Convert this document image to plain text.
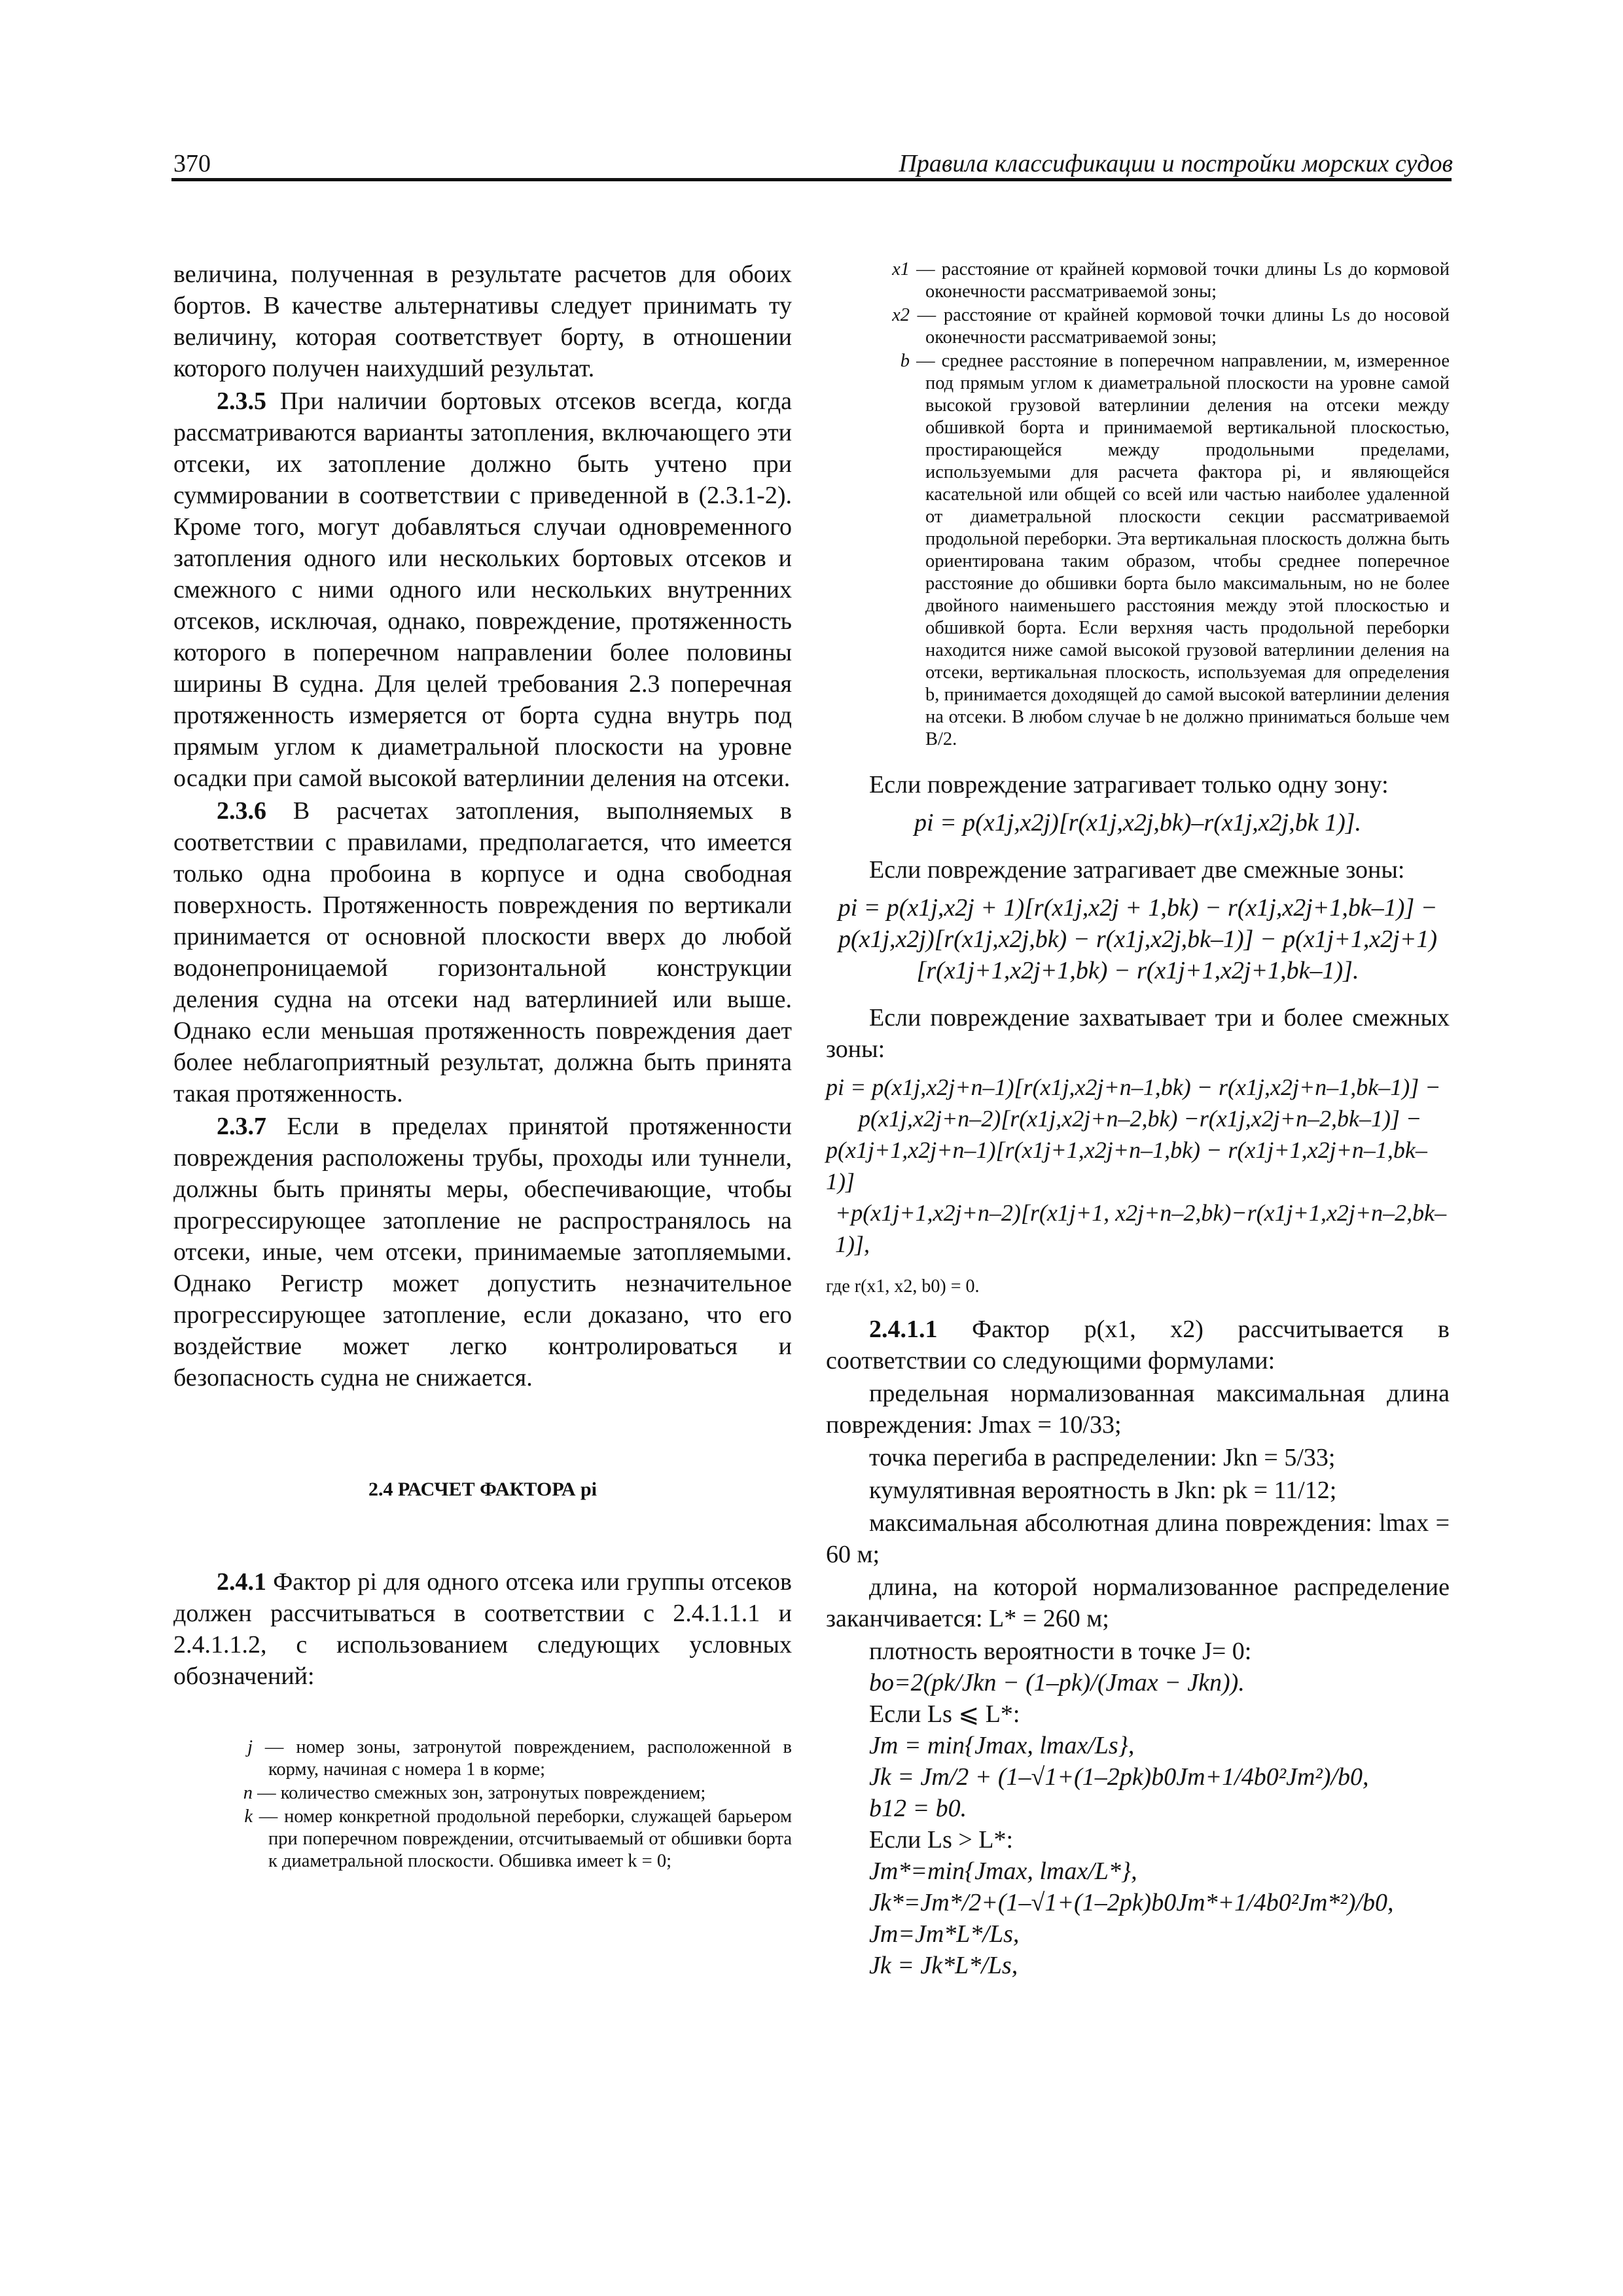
370	Правила классификации и постройки морских судов

величина, полученная в результате расчетов для обоих бортов. В качестве альтернативы следует принимать ту величину, которая соответствует борту, в отношении которого получен наихудший результат.

2.3.5 При наличии бортовых отсеков всегда, когда рассматриваются варианты затопления, включающего эти отсеки, их затопление должно быть учтено при суммировании в соответствии с приведенной в (2.3.1-2). Кроме того, могут добавляться случаи одновременного затопления одного или нескольких бортовых отсеков и смежного с ними одного или нескольких внутренних отсеков, исключая, однако, повреждение, протяженность которого в поперечном направлении более половины ширины B судна. Для целей требования 2.3 поперечная протяженность измеряется от борта судна внутрь под прямым углом к диаметральной плоскости на уровне осадки при самой высокой ватерлинии деления на отсеки.

2.3.6 В расчетах затопления, выполняемых в соответствии с правилами, предполагается, что имеется только одна пробоина в корпусе и одна свободная поверхность. Протяженность повреждения по вертикали принимается от основной плоскости вверх до любой водонепроницаемой горизонтальной конструкции деления судна на отсеки над ватерлинией или выше. Однако если меньшая протяженность повреждения дает более неблагоприятный результат, должна быть принята такая протяженность.

2.3.7 Если в пределах принятой протяженности повреждения расположены трубы, проходы или туннели, должны быть приняты меры, обеспечивающие, чтобы прогрессирующее затопление не распространялось на отсеки, иные, чем отсеки, принимаемые затопляемыми. Однако Регистр может допустить незначительное прогрессирующее затопление, если доказано, что его воздействие может легко контролироваться и безопасность судна не снижается.

2.4 РАСЧЕТ ФАКТОРА pi

2.4.1 Фактор pi для одного отсека или группы отсеков должен рассчитываться в соответствии с 2.4.1.1.1 и 2.4.1.1.2, с использованием следующих условных обозначений:

j — номер зоны, затронутой повреждением, расположенной в корму, начиная с номера 1 в корме;
n — количество смежных зон, затронутых повреждением;
k — номер конкретной продольной переборки, служащей барьером при поперечном повреждении, отсчитываемый от обшивки борта к диаметральной плоскости. Обшивка имеет k = 0;
x1 — расстояние от крайней кормовой точки длины Ls до кормовой оконечности рассматриваемой зоны;
x2 — расстояние от крайней кормовой точки длины Ls до носовой оконечности рассматриваемой зоны;
b — среднее расстояние в поперечном направлении, м, измеренное под прямым углом к диаметральной плоскости на уровне самой высокой грузовой ватерлинии деления на отсеки между обшивкой борта и принимаемой вертикальной плоскостью, простирающейся между продольными пределами, используемыми для расчета фактора pi, и являющейся касательной или общей со всей или частью наиболее удаленной от диаметральной плоскости секции рассматриваемой продольной переборки. Эта вертикальная плоскость должна быть ориентирована таким образом, чтобы среднее поперечное расстояние до обшивки борта было максимальным, но не более двойного наименьшего расстояния между этой плоскостью и обшивкой борта. Если верхняя часть продольной переборки находится ниже самой высокой грузовой ватерлинии деления на отсеки, вертикальная плоскость, используемая для определения b, принимается доходящей до самой высокой ватерлинии деления на отсеки. В любом случае b не должно приниматься больше чем B/2.

Если повреждение затрагивает только одну зону:

pi = p(x1j,x2j)[r(x1j,x2j,bk)–r(x1j,x2j,bk 1)].

Если повреждение затрагивает две смежные зоны:

pi = p(x1j,x2j + 1)[r(x1j,x2j + 1,bk) − r(x1j,x2j+1,bk–1)] −
p(x1j,x2j)[r(x1j,x2j,bk) − r(x1j,x2j,bk–1)] − p(x1j+1,x2j+1)
[r(x1j+1,x2j+1,bk) − r(x1j+1,x2j+1,bk–1)].

Если повреждение захватывает три и более смежных зоны:

pi = p(x1j,x2j+n–1)[r(x1j,x2j+n–1,bk) − r(x1j,x2j+n–1,bk–1)] −
p(x1j,x2j+n–2)[r(x1j,x2j+n–2,bk) −r(x1j,x2j+n–2,bk–1)] −
p(x1j+1,x2j+n–1)[r(x1j+1,x2j+n–1,bk) − r(x1j+1,x2j+n–1,bk–1)]
+p(x1j+1,x2j+n–2)[r(x1j+1, x2j+n–2,bk)−r(x1j+1,x2j+n–2,bk–1)],
где r(x1, x2, b0) = 0.

2.4.1.1 Фактор p(x1, x2) рассчитывается в соответствии со следующими формулами:

предельная нормализованная максимальная длина повреждения: Jmax = 10/33;

точка перегиба в распределении: Jkn = 5/33;

кумулятивная вероятность в Jkn: pk = 11/12;

максимальная абсолютная длина повреждения: lmax = 60 м;

длина, на которой нормализованное распределение заканчивается: L* = 260 м;

плотность вероятности в точке J= 0:
bo=2(pk/Jkn − (1–pk)/(Jmax − Jkn)).
Если Ls ⩽ L*:
Jm = min{Jmax, lmax/Ls},
Jk = Jm/2 + (1–√1+(1–2pk)b0Jm+1/4b0²Jm²)/b0,
b12 = b0.
Если Ls > L*:
Jm*=min{Jmax, lmax/L*},
Jk*=Jm*/2+(1–√1+(1–2pk)b0Jm*+1/4b0²Jm*²)/b0,
Jm=Jm*L*/Ls,
Jk = Jk*L*/Ls,
